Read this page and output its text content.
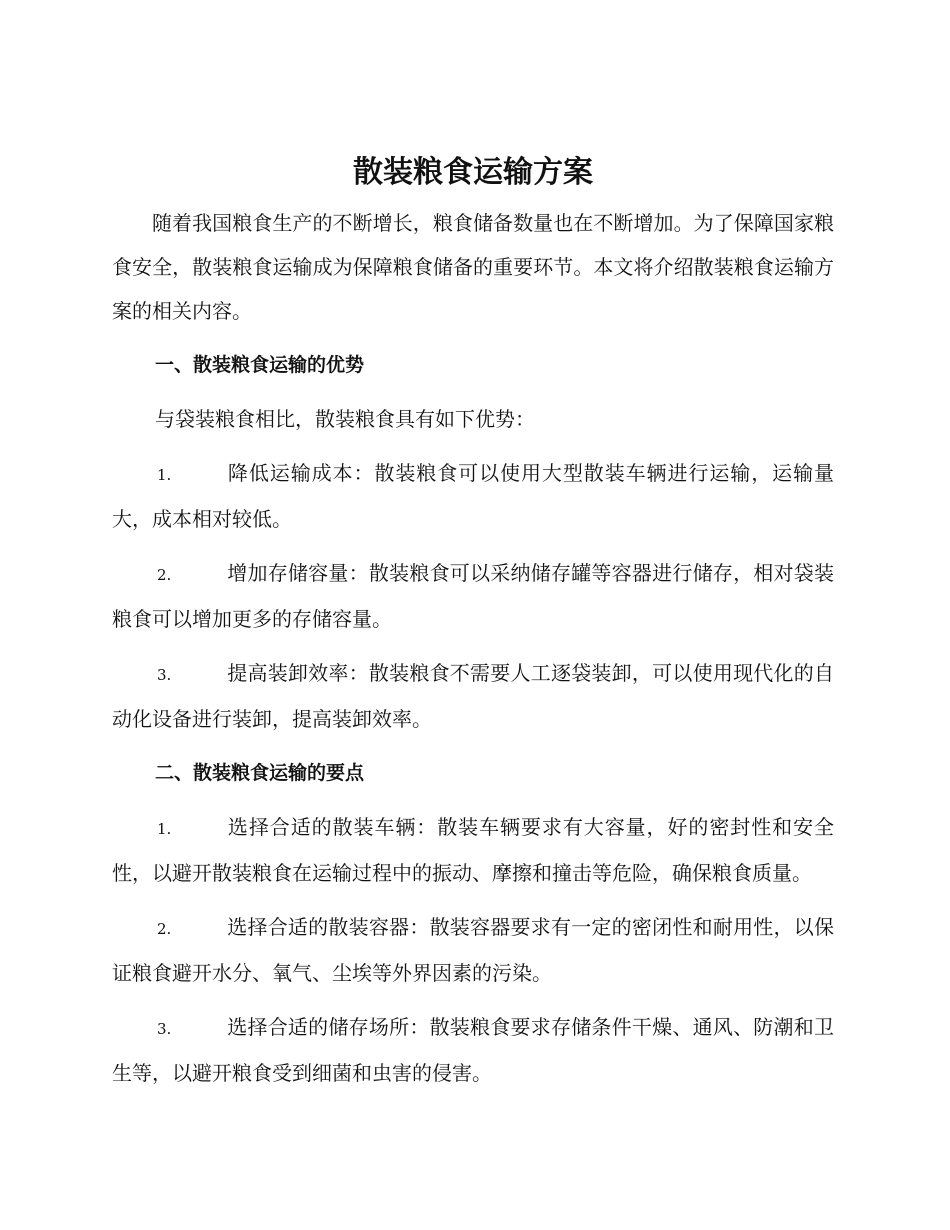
散装粮食运输方案

随着我国粮食生产的不断增长，粮食储备数量也在不断增加。为了保障国家粮食安全，散装粮食运输成为保障粮食储备的重要环节。本文将介绍散装粮食运输方案的相关内容。

一、散装粮食运输的优势
与袋装粮食相比，散装粮食具有如下优势：

1.	降低运输成本：散装粮食可以使用大型散装车辆进行运输，运输量大，成本相对较低。

2.	增加存储容量：散装粮食可以采纳储存罐等容器进行储存，相对袋装粮食可以增加更多的存储容量。

3.	提高装卸效率：散装粮食不需要人工逐袋装卸，可以使用现代化的自动化设备进行装卸，提高装卸效率。

二、散装粮食运输的要点

1.	选择合适的散装车辆：散装车辆要求有大容量，好的密封性和安全性，以避开散装粮食在运输过程中的振动、摩擦和撞击等危险，确保粮食质量。

2.	选择合适的散装容器：散装容器要求有一定的密闭性和耐用性，以保证粮食避开水分、氧气、尘埃等外界因素的污染。

3.	选择合适的储存场所：散装粮食要求存储条件干燥、通风、防潮和卫生等，以避开粮食受到细菌和虫害的侵害。
